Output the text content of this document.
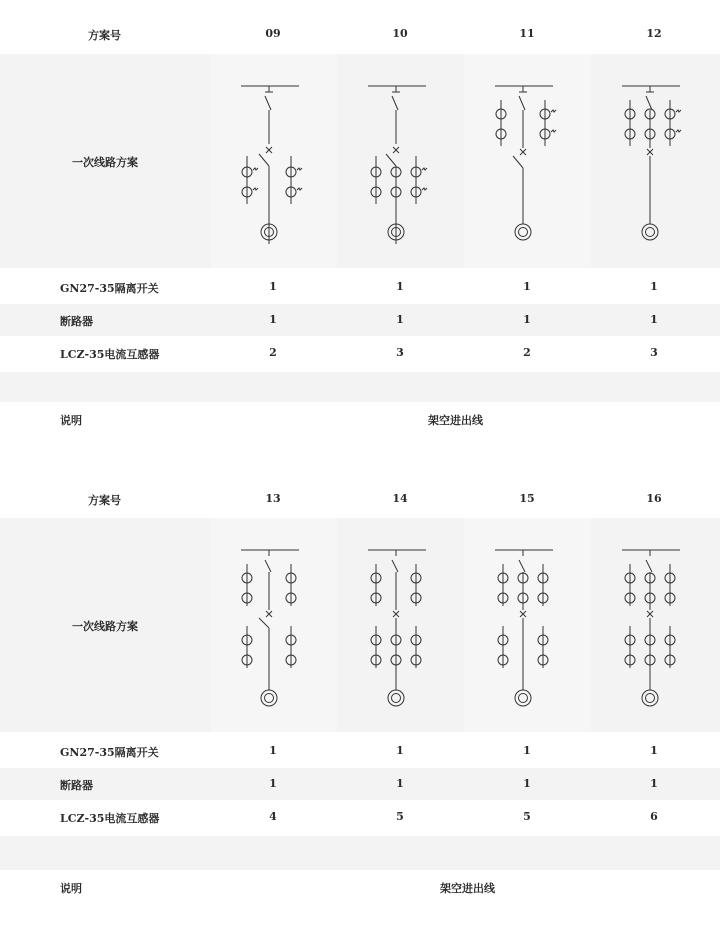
方案号	09	10	11	12
一次线路方案
GN27-35隔离开关	1	1	1	1
断路器	1	1	1	1
LCZ-35电流互感器	2	3	2	3
说明	架空进出线
方案号	13	14	15	16
一次线路方案
GN27-35隔离开关	1	1	1	1
断路器	1	1	1	1
LCZ-35电流互感器	4	5	5	6
说明	架空进出线
